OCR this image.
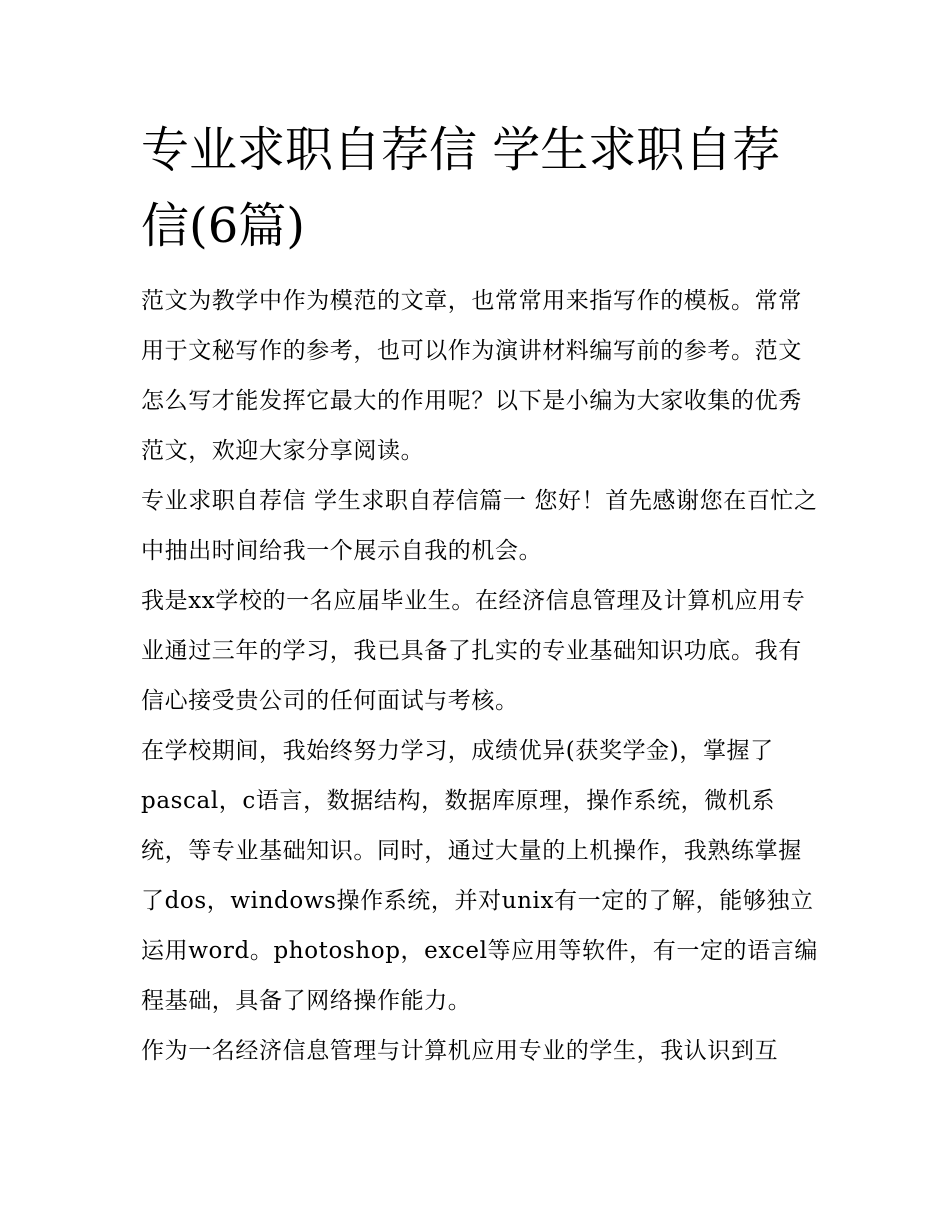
专业求职自荐信 学生求职自荐信(6篇)

范文为教学中作为模范的文章，也常常用来指写作的模板。常常用于文秘写作的参考，也可以作为演讲材料编写前的参考。范文怎么写才能发挥它最大的作用呢？以下是小编为大家收集的优秀范文，欢迎大家分享阅读。

专业求职自荐信 学生求职自荐信篇一 您好！首先感谢您在百忙之中抽出时间给我一个展示自我的机会。

我是xx学校的一名应届毕业生。在经济信息管理及计算机应用专业通过三年的学习，我已具备了扎实的专业基础知识功底。我有信心接受贵公司的任何面试与考核。

在学校期间，我始终努力学习，成绩优异(获奖学金)，掌握了pascal，c语言，数据结构，数据库原理，操作系统，微机系统，等专业基础知识。同时，通过大量的上机操作，我熟练掌握了dos，windows操作系统，并对unix有一定的了解，能够独立运用word。photoshop，excel等应用等软件，有一定的语言编程基础，具备了网络操作能力。

作为一名经济信息管理与计算机应用专业的学生，我认识到互
